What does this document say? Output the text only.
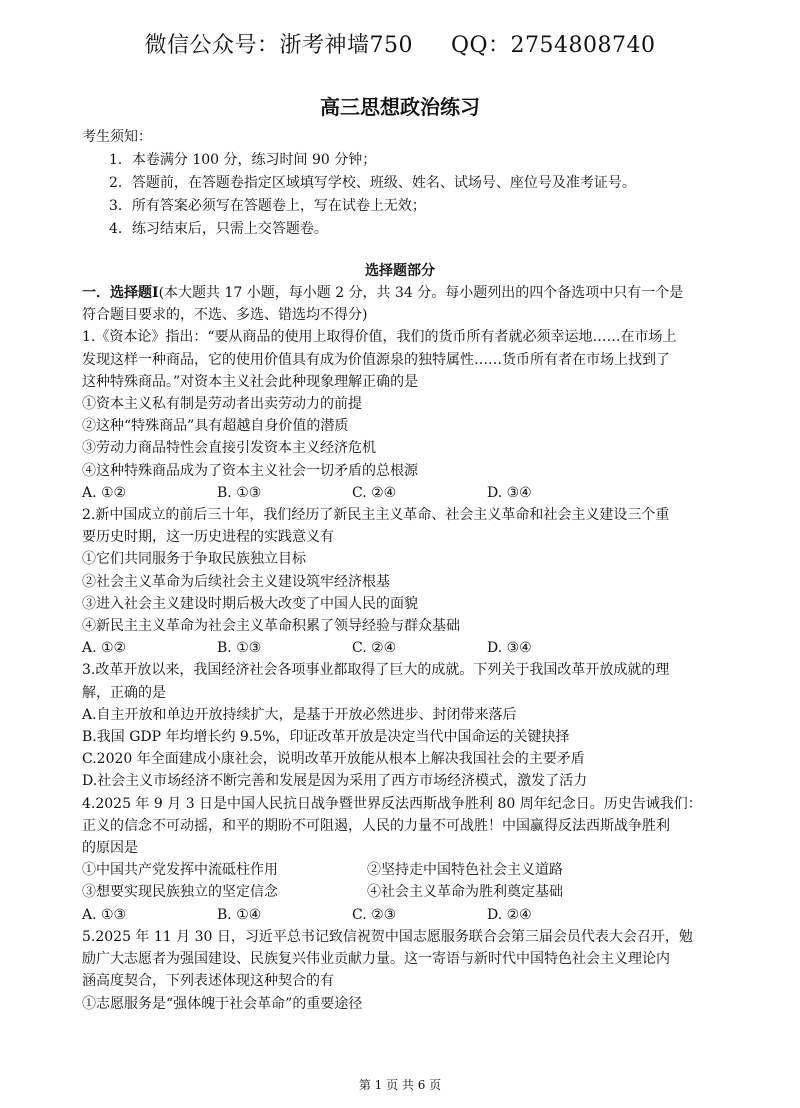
微信公众号：浙考神墙750 QQ：2754808740
高三思想政治练习
考生须知：
1．本卷满分 100 分，练习时间 90 分钟；
2．答题前，在答题卷指定区域填写学校、班级、姓名、试场号、座位号及准考证号。
3．所有答案必须写在答题卷上，写在试卷上无效；
4．练习结束后，只需上交答题卷。
选择题部分

一．选择题Ⅰ(本大题共 17 小题，每小题 2 分，共 34 分。每小题列出的四个备选项中只有一个是

符合题目要求的，不选、多选、错选均不得分)

1.《资本论》指出：“要从商品的使用上取得价值，我们的货币所有者就必须幸运地……在市场上

发现这样一种商品，它的使用价值具有成为价值源泉的独特属性……货币所有者在市场上找到了

这种特殊商品。”对资本主义社会此种现象理解正确的是

①资本主义私有制是劳动者出卖劳动力的前提

②这种“特殊商品”具有超越自身价值的潜质

③劳动力商品特性会直接引发资本主义经济危机

④这种特殊商品成为了资本主义社会一切矛盾的总根源

A. ①②	B. ①③	C. ②④	D. ③④

2.新中国成立的前后三十年，我们经历了新民主主义革命、社会主义革命和社会主义建设三个重

要历史时期，这一历史进程的实践意义有

①它们共同服务于争取民族独立目标

②社会主义革命为后续社会主义建设筑牢经济根基

③进入社会主义建设时期后极大改变了中国人民的面貌

④新民主主义革命为社会主义革命积累了领导经验与群众基础

A. ①②	B. ①③	C. ②④	D. ③④

3.改革开放以来，我国经济社会各项事业都取得了巨大的成就。下列关于我国改革开放成就的理

解，正确的是

A.自主开放和单边开放持续扩大，是基于开放必然进步、封闭带来落后

B.我国 GDP 年均增长约 9.5%，印证改革开放是决定当代中国命运的关键抉择

C.2020 年全面建成小康社会，说明改革开放能从根本上解决我国社会的主要矛盾

D.社会主义市场经济不断完善和发展是因为采用了西方市场经济模式，激发了活力

4.2025 年 9 月 3 日是中国人民抗日战争暨世界反法西斯战争胜利 80 周年纪念日。历史告诫我们：

正义的信念不可动摇，和平的期盼不可阻遏，人民的力量不可战胜！中国赢得反法西斯战争胜利

的原因是

①中国共产党发挥中流砥柱作用	②坚持走中国特色社会主义道路
③想要实现民族独立的坚定信念	④社会主义革命为胜利奠定基础
A. ①③	B. ①④	C. ②③	D. ②④

5.2025 年 11 月 30 日，习近平总书记致信祝贺中国志愿服务联合会第三届会员代表大会召开，勉

励广大志愿者为强国建设、民族复兴伟业贡献力量。这一寄语与新时代中国特色社会主义理论内

涵高度契合，下列表述体现这种契合的有

①志愿服务是“强体魄于社会革命”的重要途径

第 1 页 共 6 页
